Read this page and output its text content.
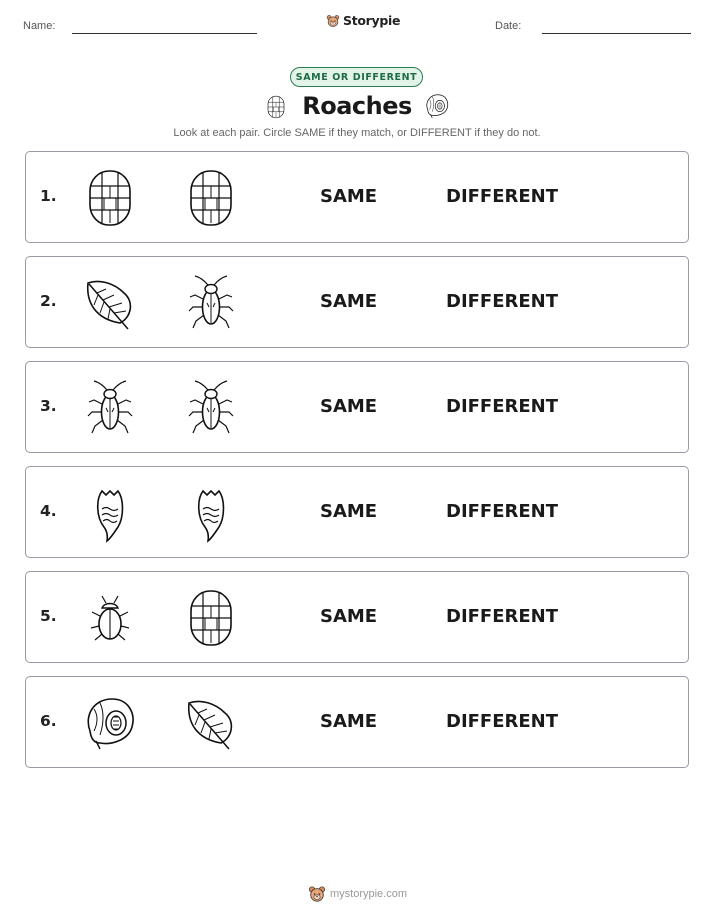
Name:	Storypie	Date:
SAME OR DIFFERENT
Roaches
Look at each pair. Circle SAME if they match, or DIFFERENT if they do not.
1.	SAME	DIFFERENT
2.	SAME	DIFFERENT
3.	SAME	DIFFERENT
4.	SAME	DIFFERENT
5.	SAME	DIFFERENT
6.	SAME	DIFFERENT
mystorypie.com
